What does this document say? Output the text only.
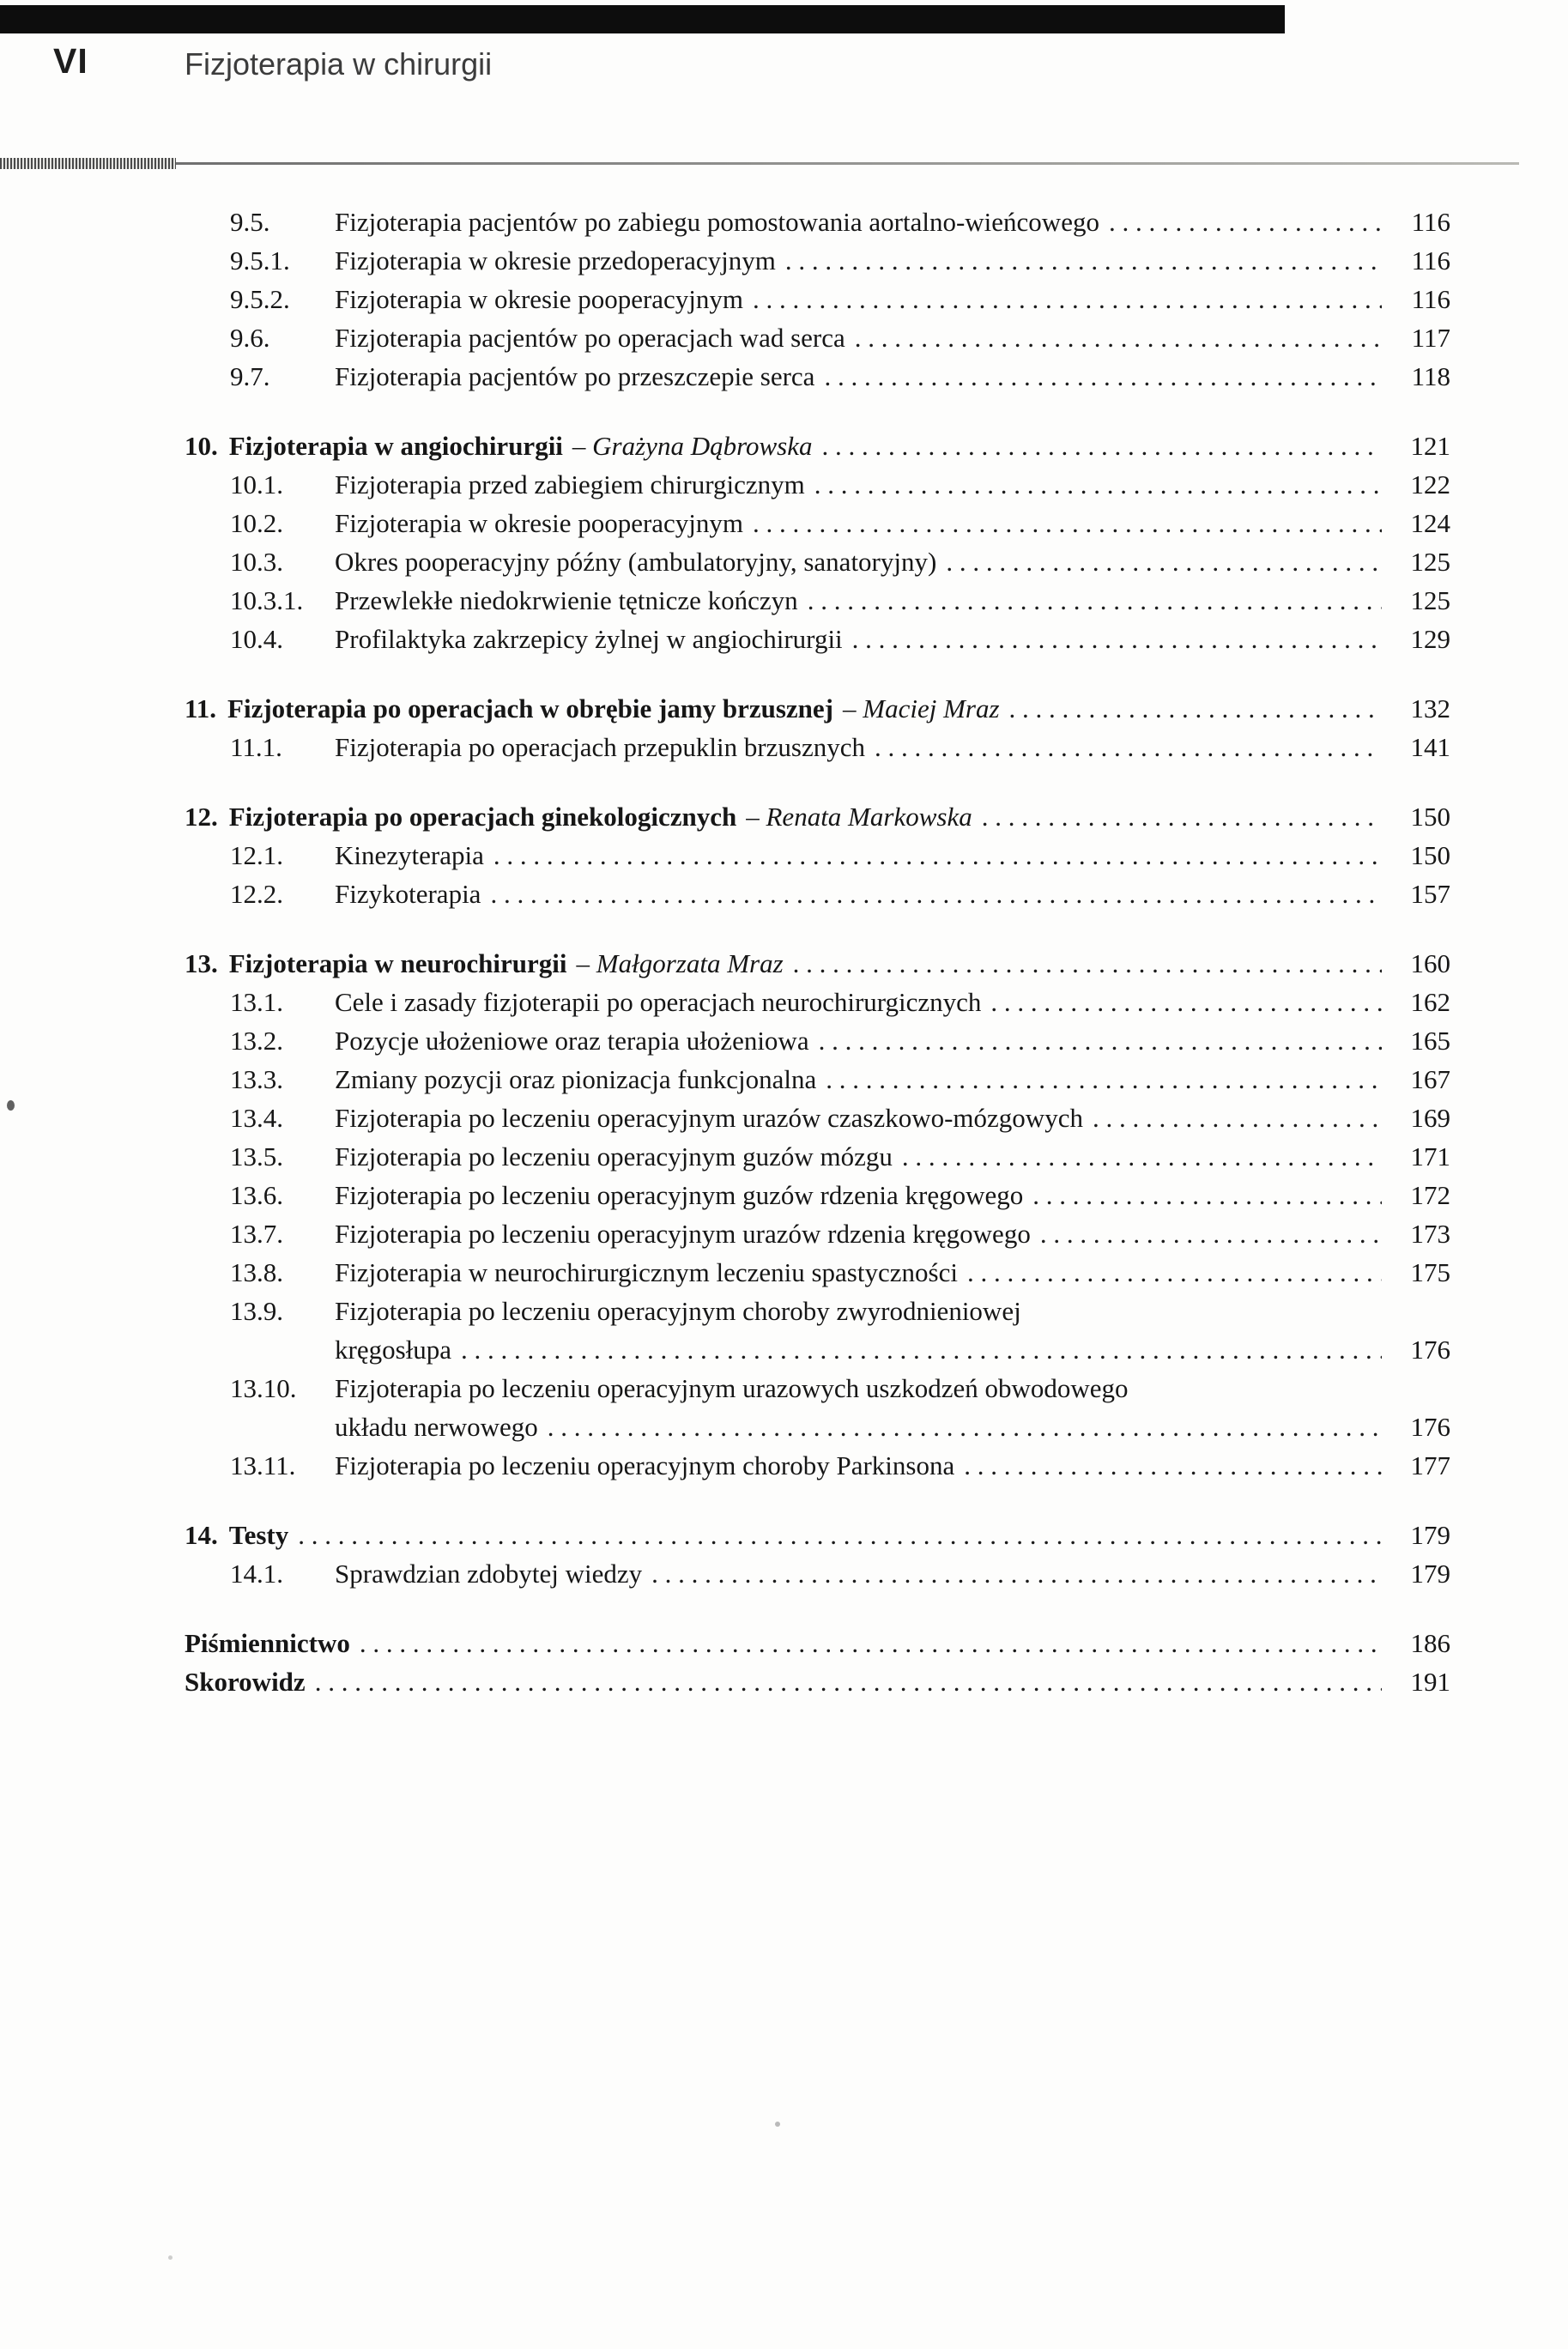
VI	Fizjoterapia w chirurgii
9.5.	Fizjoterapia pacjentów po zabiegu pomostowania aortalno-wieńcowego . . .	116
9.5.1.	Fizjoterapia w okresie przedoperacyjnym . . .	116
9.5.2.	Fizjoterapia w okresie pooperacyjnym . . .	116
9.6.	Fizjoterapia pacjentów po operacjach wad serca . . .	117
9.7.	Fizjoterapia pacjentów po przeszczepie serca . . .	118
10. Fizjoterapia w angiochirurgii – Grażyna Dąbrowska . . .	121
10.1.	Fizjoterapia przed zabiegiem chirurgicznym . . .	122
10.2.	Fizjoterapia w okresie pooperacyjnym . . .	124
10.3.	Okres pooperacyjny późny (ambulatoryjny, sanatoryjny) . . .	125
10.3.1.	Przewlekłe niedokrwienie tętnicze kończyn . . .	125
10.4.	Profilaktyka zakrzepicy żylnej w angiochirurgii . . .	129
11. Fizjoterapia po operacjach w obrębie jamy brzusznej – Maciej Mraz . . .	132
11.1.	Fizjoterapia po operacjach przepuklin brzusznych . . .	141
12. Fizjoterapia po operacjach ginekologicznych – Renata Markowska . . .	150
12.1.	Kinezyterapia . . .	150
12.2.	Fizykoterapia . . .	157
13. Fizjoterapia w neurochirurgii – Małgorzata Mraz . . .	160
13.1.	Cele i zasady fizjoterapii po operacjach neurochirurgicznych . . .	162
13.2.	Pozycje ułożeniowe oraz terapia ułożeniowa . . .	165
13.3.	Zmiany pozycji oraz pionizacja funkcjonalna . . .	167
13.4.	Fizjoterapia po leczeniu operacyjnym urazów czaszkowo-mózgowych . . .	169
13.5.	Fizjoterapia po leczeniu operacyjnym guzów mózgu . . .	171
13.6.	Fizjoterapia po leczeniu operacyjnym guzów rdzenia kręgowego . . .	172
13.7.	Fizjoterapia po leczeniu operacyjnym urazów rdzenia kręgowego . . .	173
13.8.	Fizjoterapia w neurochirurgicznym leczeniu spastyczności . . .	175
13.9.	Fizjoterapia po leczeniu operacyjnym choroby zwyrodnieniowej
kręgosłupa . . .	176
13.10.	Fizjoterapia po leczeniu operacyjnym urazowych uszkodzeń obwodowego
układu nerwowego . . .	176
13.11.	Fizjoterapia po leczeniu operacyjnym choroby Parkinsona . . .	177
14. Testy . . .	179
14.1.	Sprawdzian zdobytej wiedzy . . .	179
Piśmiennictwo . . .	186
Skorowidz . . .	191
